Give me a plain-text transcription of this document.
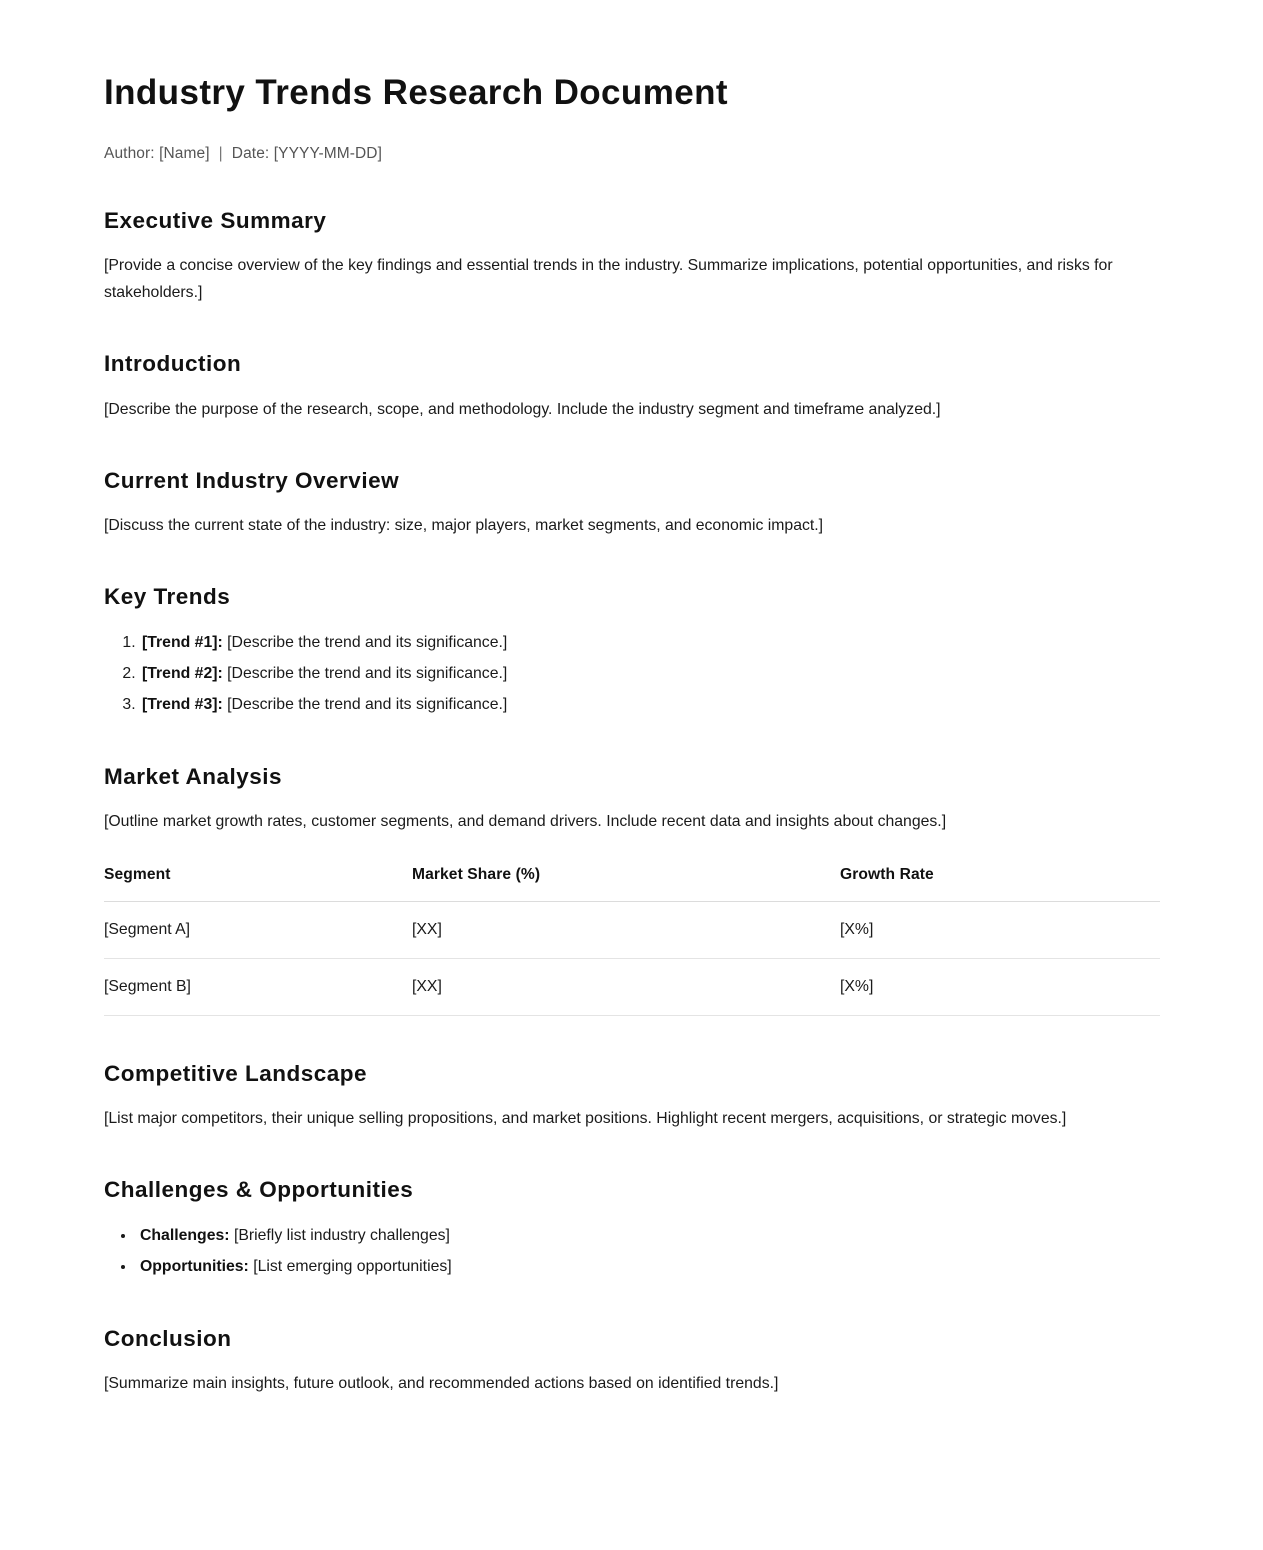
Industry Trends Research Document
Author: [Name] | Date: [YYYY-MM-DD]
Executive Summary

[Provide a concise overview of the key findings and essential trends in the industry. Summarize implications, potential opportunities, and risks for stakeholders.]

Introduction

[Describe the purpose of the research, scope, and methodology. Include the industry segment and timeframe analyzed.]

Current Industry Overview

[Discuss the current state of the industry: size, major players, market segments, and economic impact.]

Key Trends
1. [Trend #1]: [Describe the trend and its significance.]
2. [Trend #2]: [Describe the trend and its significance.]
3. [Trend #3]: [Describe the trend and its significance.]
Market Analysis

[Outline market growth rates, customer segments, and demand drivers. Include recent data and insights about changes.]

Segment	Market Share (%)	Growth Rate
[Segment A]	[XX]	[X%]
[Segment B]	[XX]	[X%]
Competitive Landscape

[List major competitors, their unique selling propositions, and market positions. Highlight recent mergers, acquisitions, or strategic moves.]

Challenges & Opportunities
• Challenges: [Briefly list industry challenges]
• Opportunities: [List emerging opportunities]
Conclusion

[Summarize main insights, future outlook, and recommended actions based on identified trends.]
